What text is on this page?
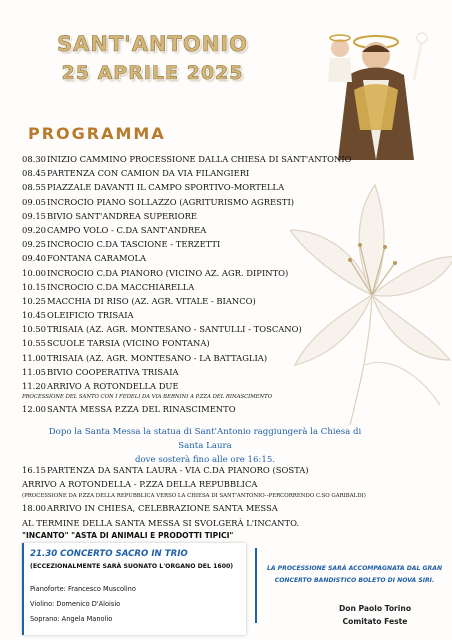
SANT'ANTONIO
25 APRILE 2025
PROGRAMMA
08.30INIZIO CAMMINO PROCESSIONE DALLA CHIESA DI SANT'ANTONIO
08.45PARTENZA CON CAMION DA VIA FILANGIERI
08.55PIAZZALE DAVANTI IL CAMPO SPORTIVO-MORTELLA
09.05INCROCIO PIANO SOLLAZZO (AGRITURISMO AGRESTI)
09.15BIVIO SANT'ANDREA SUPERIORE
09.20CAMPO VOLO - C.DA SANT'ANDREA
09.25INCROCIO C.DA TASCIONE - TERZETTI
09.40FONTANA CARAMOLA
10.00INCROCIO C.DA PIANORO (VICINO AZ. AGR. DIPINTO)
10.15INCROCIO C.DA MACCHIARELLA
10.25MACCHIA DI RISO (AZ. AGR. VITALE - BIANCO)
10.45OLEIFICIO TRISAIA
10.50TRISAIA (AZ. AGR. MONTESANO - SANTULLI - TOSCANO)
10.55SCUOLE TARSIA (VICINO FONTANA)
11.00TRISAIA (AZ. AGR. MONTESANO - LA BATTAGLIA)
11.05BIVIO COOPERATIVA TRISAIA
11.20ARRIVO A ROTONDELLA DUE
PROCESSIONE DEL SANTO CON I FEDELI DA VIA BERNINI A P.ZZA DEL RINASCIMENTO
12.00SANTA MESSA P.ZZA DEL RINASCIMENTO
Dopo la Santa Messa la statua di Sant'Antonio raggiungerà la Chiesa di Santa Laura
dove sosterà fino alle ore 16:15.
16.15PARTENZA DA SANTA LAURA - VIA C.DA PIANORO (SOSTA)
ARRIVO A ROTONDELLA - P.ZZA DELLA REPUBBLICA
(PROCESSIONE DA P.ZZA DELLA REPUBBLICA VERSO LA CHIESA DI SANT'ANTONIO--PERCORRENDO C.SO GARIBALDI)
18.00ARRIVO IN CHIESA, CELEBRAZIONE SANTA MESSA
AL TERMINE DELLA SANTA MESSA SI SVOLGERÀ L'INCANTO.
"INCANTO" "ASTA DI ANIMALI E PRODOTTI TIPICI"
21.30 CONCERTO SACRO IN TRIO
(ECCEZIONALMENTE SARÀ SUONATO L'ORGANO DEL 1600)
Pianoforte: Francesco Muscolino
Violino: Domenico D'Aloisio
Soprano: Angela Manolio
LA PROCESSIONE SARÀ ACCOMPAGNATA DAL GRAN
CONCERTO BANDISTICO BOLETO DI NOVA SIRI.
Don Paolo Torino
Comitato Feste
